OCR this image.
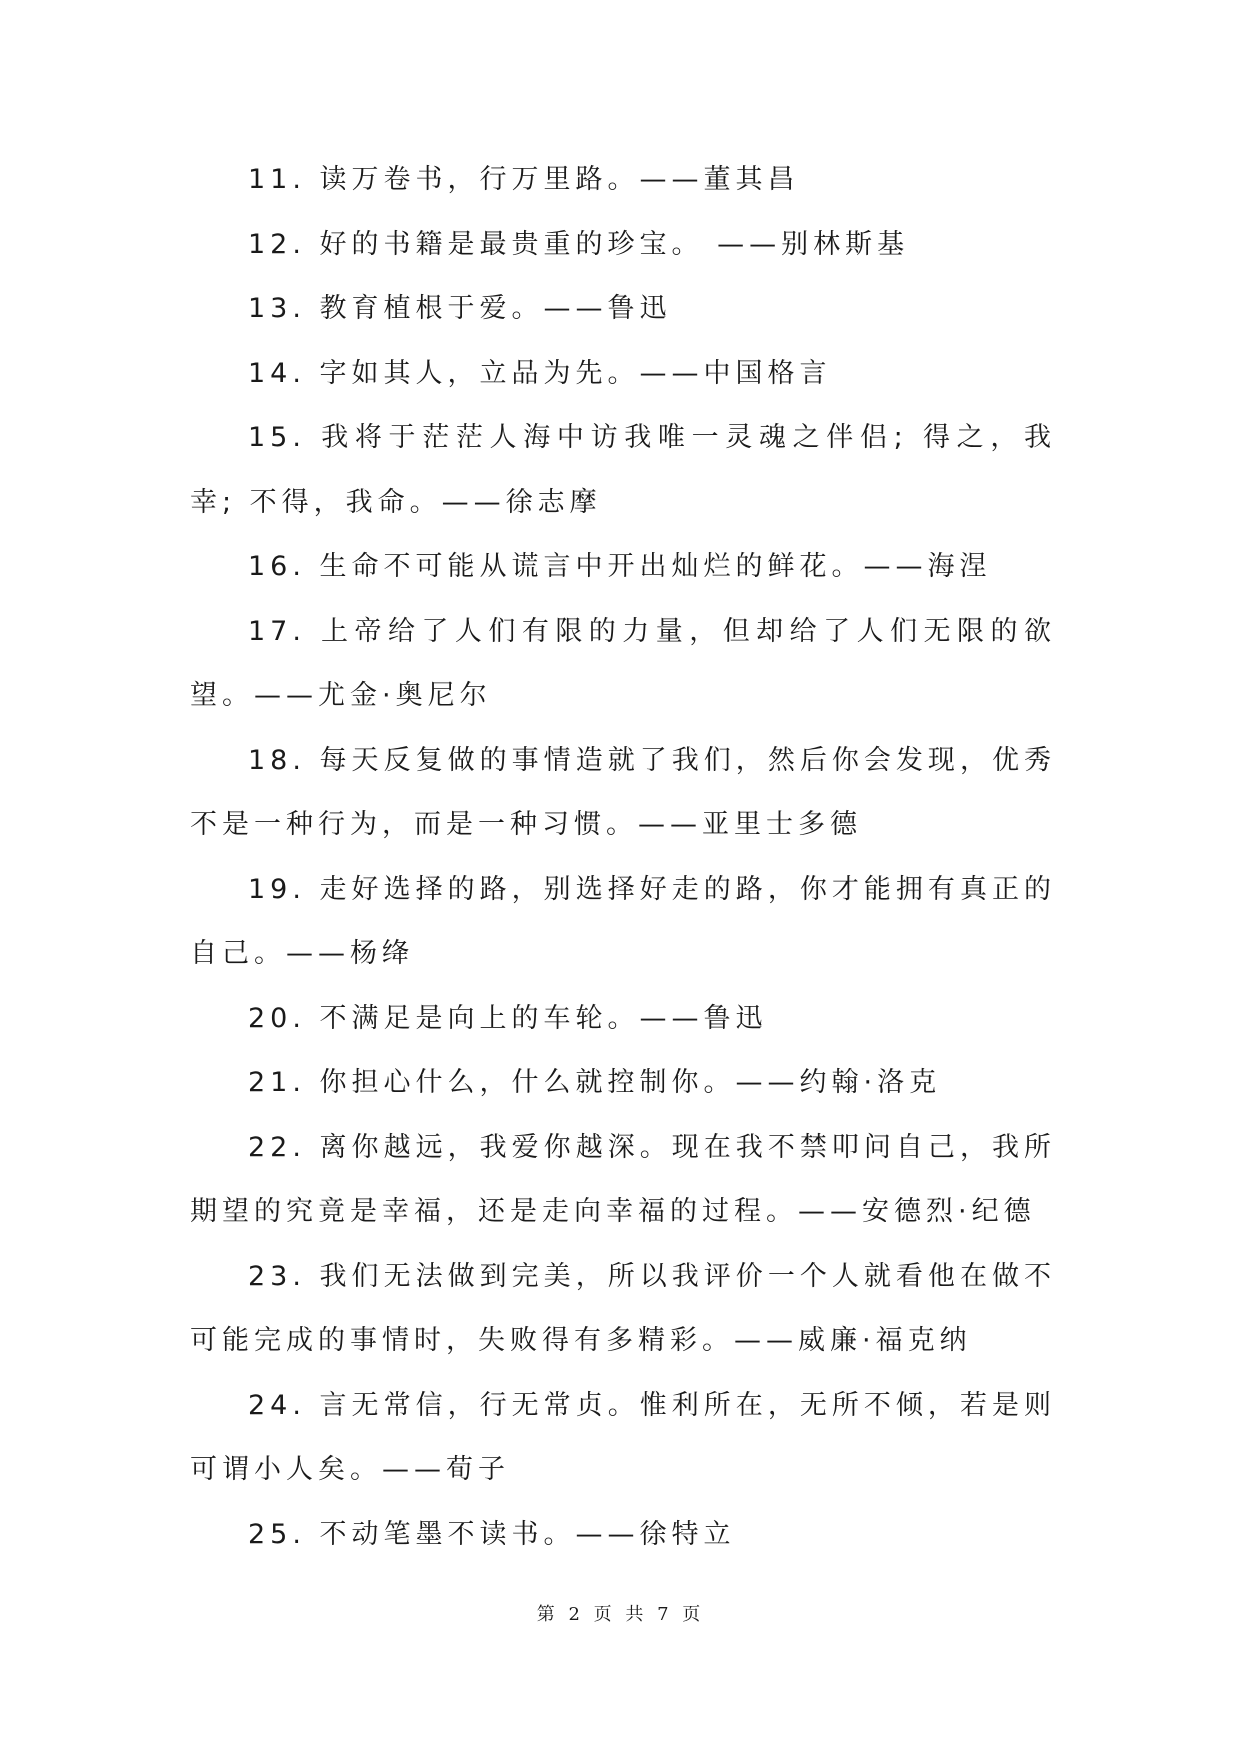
11. 读万卷书，行万里路。——董其昌

12. 好的书籍是最贵重的珍宝。 ——别林斯基

13. 教育植根于爱。——鲁迅

14. 字如其人，立品为先。——中国格言

15. 我将于茫茫人海中访我唯一灵魂之伴侣; 得之，我幸; 不得，我命。——徐志摩

16. 生命不可能从谎言中开出灿烂的鲜花。——海涅

17. 上帝给了人们有限的力量，但却给了人们无限的欲望。——尤金·奥尼尔

18. 每天反复做的事情造就了我们，然后你会发现，优秀不是一种行为，而是一种习惯。——亚里士多德

19. 走好选择的路，别选择好走的路，你才能拥有真正的自己。——杨绛

20. 不满足是向上的车轮。——鲁迅

21. 你担心什么，什么就控制你。——约翰·洛克

22. 离你越远，我爱你越深。现在我不禁叩问自己，我所期望的究竟是幸福，还是走向幸福的过程。——安德烈·纪德

23. 我们无法做到完美，所以我评价一个人就看他在做不可能完成的事情时，失败得有多精彩。——威廉·福克纳

24. 言无常信，行无常贞。惟利所在，无所不倾，若是则可谓小人矣。——荀子

25. 不动笔墨不读书。——徐特立

第 2 页 共 7 页
